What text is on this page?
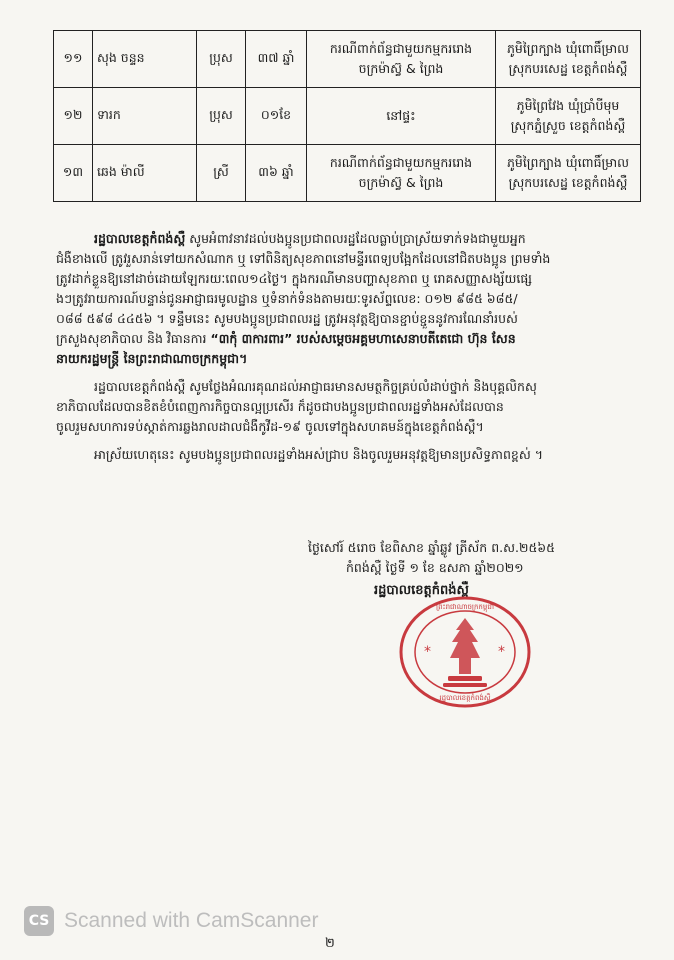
១១	សុង ចន្ទន	ប្រុស	៣៧ ឆ្នាំ	ករណីពាក់ព័ន្ធជាមួយកម្មករ​រោង
ចក្រម៉ាស៊្វ & ព្រៃង	ភូមិព្រៃក្បាង ឃុំពោធិ៍ម្រាល
ស្រុកបរសេដ្ឋ ខេត្តកំពង់ស្ពឺ

១២	ទារក	ប្រុស	០១ខែ	នៅផ្ទះ	ភូមិព្រៃវែង ឃុំប្រាំបីមុម
ស្រុកភ្នំស្រួច ខេត្តកំពង់ស្ពឺ

១៣	ឆេង ម៉ាលី	ស្រី	៣៦ ឆ្នាំ	ករណីពាក់ព័ន្ធជាមួយកម្មករ​រោង
ចក្រម៉ាស៊្វ & ព្រៃង	ភូមិព្រៃក្បាង ឃុំពោធិ៍ម្រាល
ស្រុកបរសេដ្ឋ ខេត្តកំពង់ស្ពឺ

រដ្ឋបាលខេត្តកំពង់ស្ពឺ សូមអំពាវនាវដល់បងប្អូនប្រជាពលរដ្ឋដែលធ្លាប់ប្រាស្រ័យទាក់ទងជាមួយអ្នក

ជំងឺខាងលើ ត្រូវរួសរាន់ទៅយកសំណាក ឬ ទៅពិនិត្យសុខភាពនៅមន្ទីរពេទ្យបង្អែកដែលនៅជិតបងប្អូន ព្រមទាំង

ត្រូវដាក់ខ្លួនឱ្យនៅដាច់ដោយឡែករយៈពេល១៤ថ្ងៃ។ ក្នុងករណីមានបញ្ហាសុខភាព ឬ រោគសញ្ញាសង្ស័យផ្សេ

ងៗត្រូវរាយការណ៍បន្ទាន់ជូនអាជ្ញាធរមូលដ្ឋាន ឬទំនាក់ទំនងតាមរយៈទូរស័ព្ទលេខ: ០១២ ៩៨៥ ៦៨៥/

០៨៨ ៥៩៨ ៤៤៥៦ ។ ទន្ទឹមនេះ សូមបងប្អូនប្រជាពលរដ្ឋ ត្រូវអនុវត្តឱ្យបានខ្ជាប់ខ្ជួននូវការណែនាំរបស់

ក្រសួងសុខាភិបាល និង វិធានការ “៣កុំ ៣ការពារ” របស់សម្តេចអគ្គមហាសេនាបតីតេជោ ហ៊ុន សែន

នាយករដ្ឋមន្ត្រី នៃព្រះរាជាណាចក្រកម្ពុជា។

រដ្ឋបាលខេត្តកំពង់ស្ពឺ សូមថ្លែងអំណរគុណដល់អាជ្ញាធរមានសមត្ថកិច្ចគ្រប់លំដាប់ថ្នាក់ និងបុគ្គលិកសុ

ខាភិបាលដែលបានខិតខំបំពេញការកិច្ចបានល្អប្រសើរ ក៏ដូចជាបងប្អូនប្រជាពលរដ្ឋទាំងអស់ដែលបាន

ចូលរួមសហការទប់ស្កាត់ការឆ្លងរាលដាលជំងឺកូវីដ-១៩ ចូលទៅក្នុងសហគមន៍ក្នុងខេត្តកំពង់ស្ពឺ។

អាស្រ័យហេតុនេះ សូមបងប្អូនប្រជាពលរដ្ឋទាំងអស់ជ្រាប និងចូលរួមអនុវត្តឱ្យមានប្រសិទ្ធភាពខ្ពស់ ។

ថ្ងៃសៅរ៍ ៥រោច ខែពិសាខ ឆ្នាំឆ្លូវ ត្រីស័ក ព.ស.២៥៦៥

កំពង់ស្ពឺ ថ្ងៃទី ១ ខែ ឧសភា ឆ្នាំ២០២១

រដ្ឋបាលខេត្តកំពង់ស្ពឺ
*	*
ព្រះរាជាណាចក្រកម្ពុជា
រដ្ឋបាលខេត្តកំពង់ស្ពឺ
CS Scanned with CamScanner
២
